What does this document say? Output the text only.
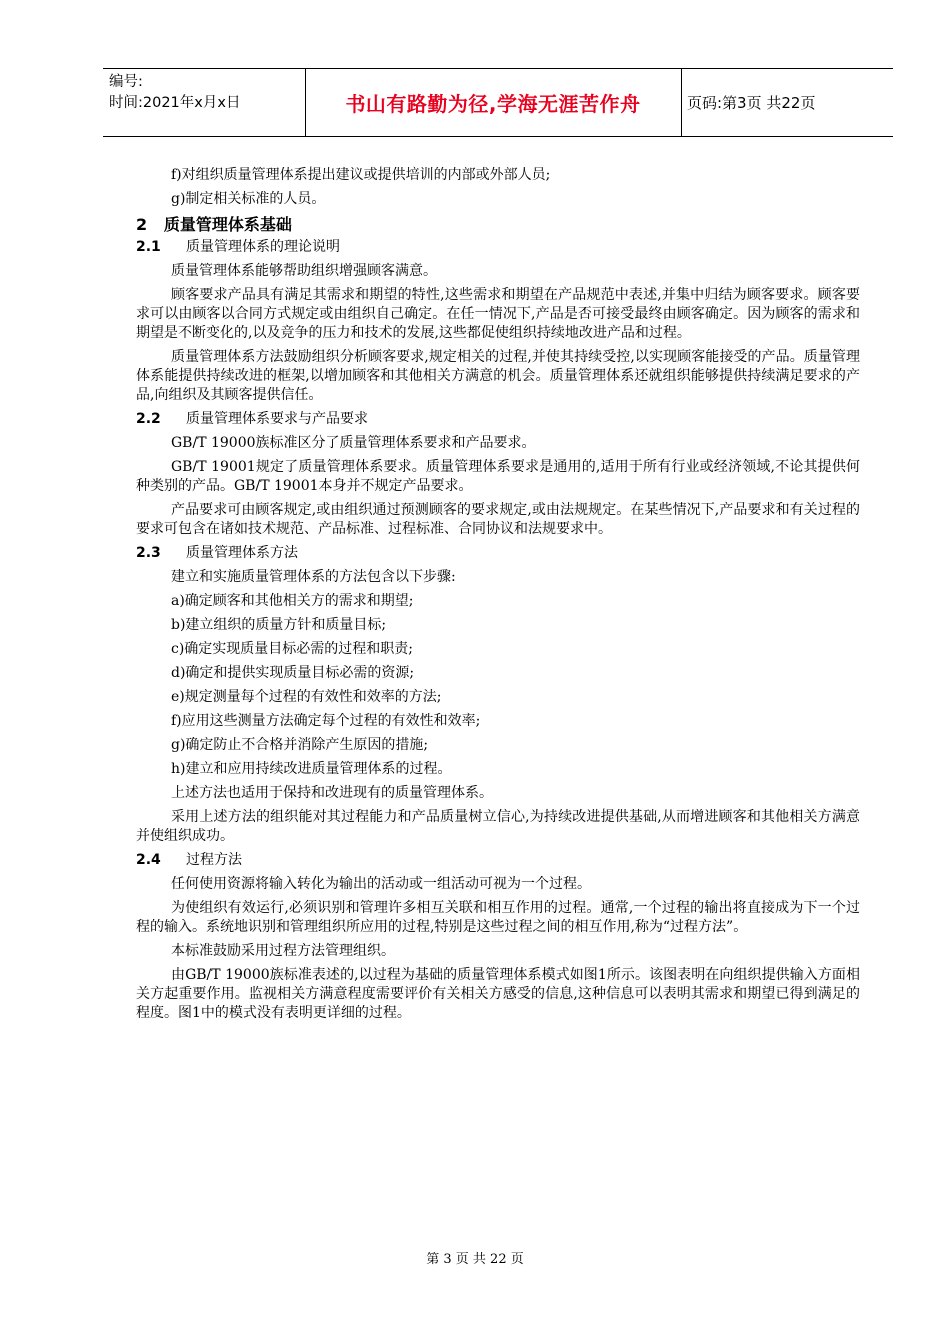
编号:
时间:2021年x月x日	书山有路勤为径,学海无涯苦作舟	页码:第3页 共22页

f)对组织质量管理体系提出建议或提供培训的内部或外部人员;

g)制定相关标准的人员。

2 质量管理体系基础
2.1 质量管理体系的理论说明

质量管理体系能够帮助组织增强顾客满意。

顾客要求产品具有满足其需求和期望的特性,这些需求和期望在产品规范中表述,并集中归结为顾客要求。顾客要求可以由顾客以合同方式规定或由组织自己确定。在任一情况下,产品是否可接受最终由顾客确定。因为顾客的需求和期望是不断变化的,以及竞争的压力和技术的发展,这些都促使组织持续地改进产品和过程。

质量管理体系方法鼓励组织分析顾客要求,规定相关的过程,并使其持续受控,以实现顾客能接受的产品。质量管理体系能提供持续改进的框架,以增加顾客和其他相关方满意的机会。质量管理体系还就组织能够提供持续满足要求的产品,向组织及其顾客提供信任。

2.2 质量管理体系要求与产品要求

GB/T 19000族标准区分了质量管理体系要求和产品要求。

GB/T 19001规定了质量管理体系要求。质量管理体系要求是通用的,适用于所有行业或经济领域,不论其提供何种类别的产品。GB/T 19001本身并不规定产品要求。

产品要求可由顾客规定,或由组织通过预测顾客的要求规定,或由法规规定。在某些情况下,产品要求和有关过程的要求可包含在诸如技术规范、产品标准、过程标准、合同协议和法规要求中。

2.3 质量管理体系方法

建立和实施质量管理体系的方法包含以下步骤:

a)确定顾客和其他相关方的需求和期望;

b)建立组织的质量方针和质量目标;

c)确定实现质量目标必需的过程和职责;

d)确定和提供实现质量目标必需的资源;

e)规定测量每个过程的有效性和效率的方法;

f)应用这些测量方法确定每个过程的有效性和效率;

g)确定防止不合格并消除产生原因的措施;

h)建立和应用持续改进质量管理体系的过程。

上述方法也适用于保持和改进现有的质量管理体系。

采用上述方法的组织能对其过程能力和产品质量树立信心,为持续改进提供基础,从而增进顾客和其他相关方满意并使组织成功。

2.4 过程方法

任何使用资源将输入转化为输出的活动或一组活动可视为一个过程。

为使组织有效运行,必须识别和管理许多相互关联和相互作用的过程。通常,一个过程的输出将直接成为下一个过程的输入。系统地识别和管理组织所应用的过程,特别是这些过程之间的相互作用,称为“过程方法”。

本标准鼓励采用过程方法管理组织。

由GB/T 19000族标准表述的,以过程为基础的质量管理体系模式如图1所示。该图表明在向组织提供输入方面相关方起重要作用。监视相关方满意程度需要评价有关相关方感受的信息,这种信息可以表明其需求和期望已得到满足的程度。图1中的模式没有表明更详细的过程。

第 3 页 共 22 页
